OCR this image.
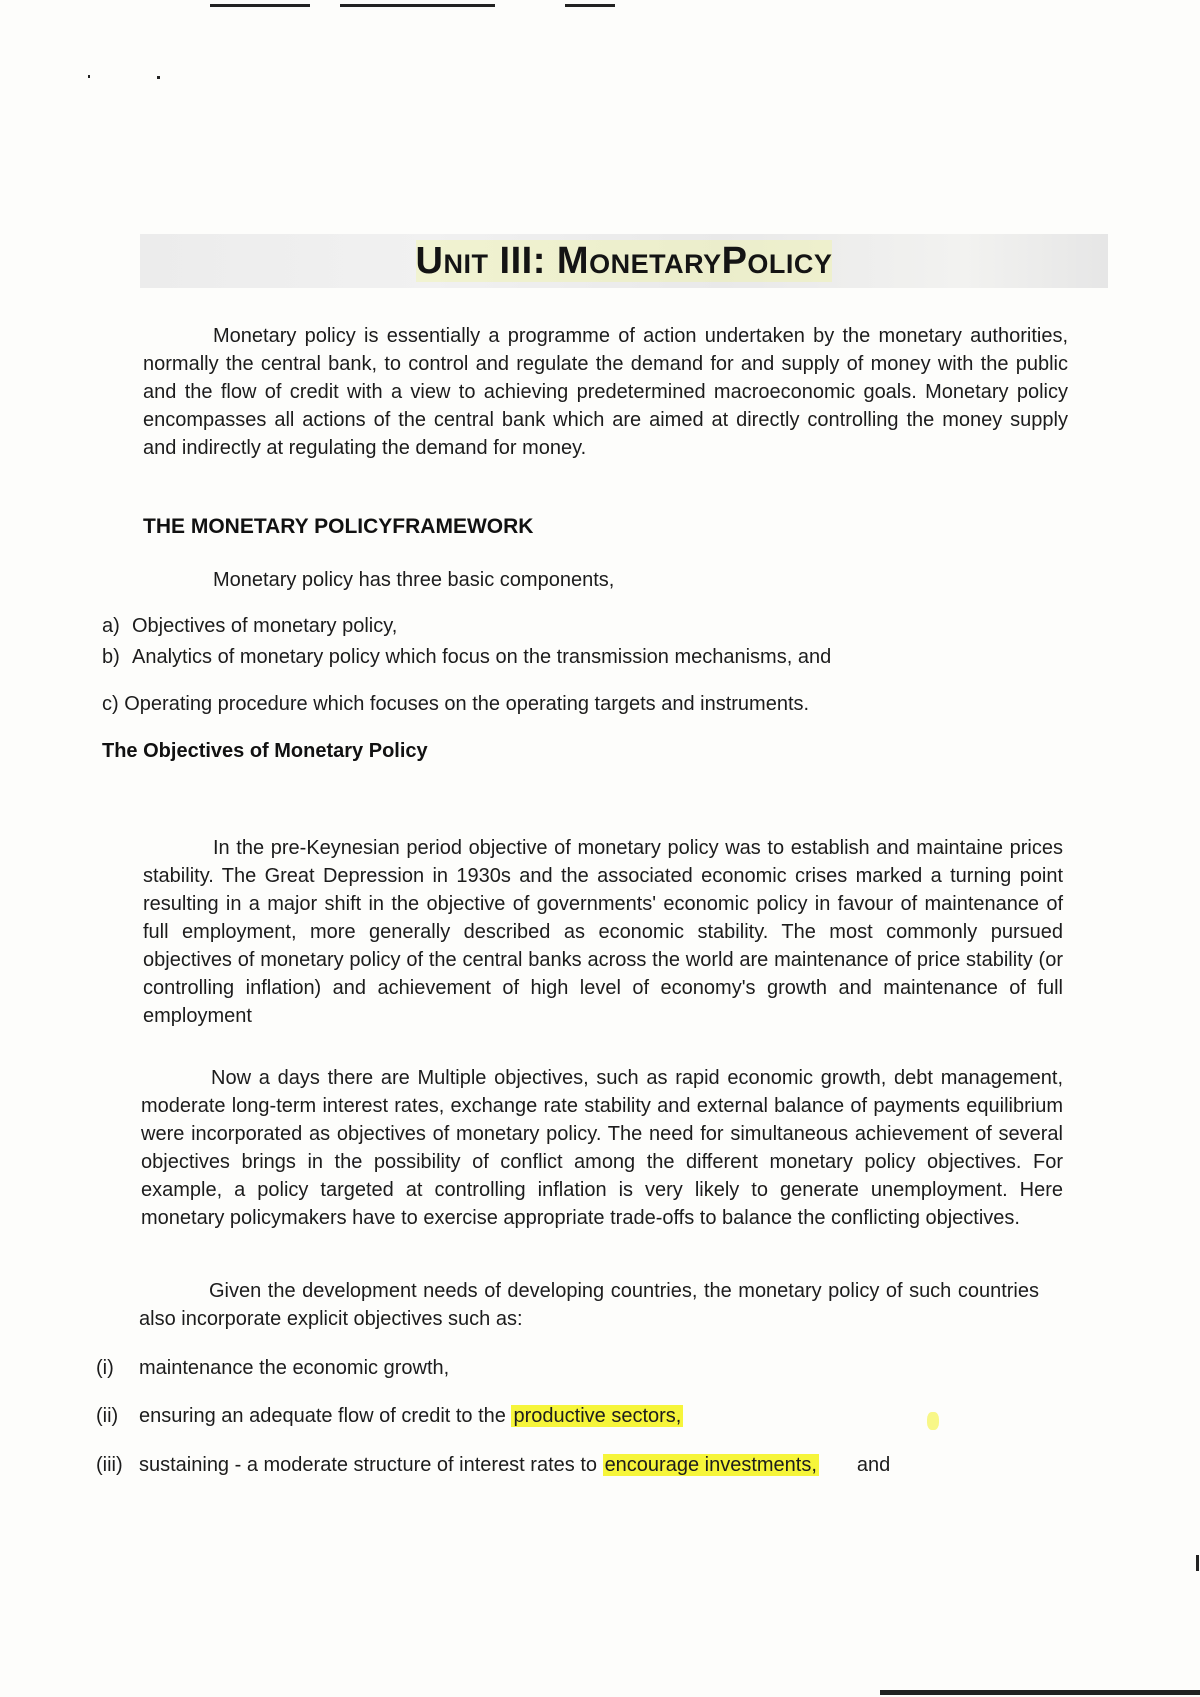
Unit III: MonetaryPolicy

Monetary policy is essentially a programme of action undertaken by the monetary authorities, normally the central bank, to control and regulate the demand for and supply of money with the public and the flow of credit with a view to achieving predetermined macroeconomic goals. Monetary policy encompasses all actions of the central bank which are aimed at directly controlling the money supply and indirectly at regulating the demand for money.

THE MONETARY POLICYFRAMEWORK

Monetary policy has three basic components,

a) Objectives of monetary policy,
b) Analytics of monetary policy which focus on the transmission mechanisms, and
c) Operating procedure which focuses on the operating targets and instruments.
The Objectives of Monetary Policy

In the pre-Keynesian period objective of monetary policy was to establish and maintaine prices stability. The Great Depression in 1930s and the associated economic crises marked a turning point resulting in a major shift in the objective of governments' economic policy in favour of maintenance of full employment, more generally described as economic stability. The most commonly pursued objectives of monetary policy of the central banks across the world are maintenance of price stability (or controlling inflation) and achievement of high level of economy's growth and maintenance of full employment

Now a days there are Multiple objectives, such as rapid economic growth, debt management, moderate long-term interest rates, exchange rate stability and external balance of payments equilibrium were incorporated as objectives of monetary policy. The need for simultaneous achievement of several objectives brings in the possibility of conflict among the different monetary policy objectives. For example, a policy targeted at controlling inflation is very likely to generate unemployment. Here monetary policymakers have to exercise appropriate trade-offs to balance the conflicting objectives.

Given the development needs of developing countries, the monetary policy of such countries also incorporate explicit objectives such as:

(i) maintenance the economic growth,
(ii) ensuring an adequate flow of credit to the productive sectors,
(iii) sustaining - a moderate structure of interest rates to encourage investments, and
